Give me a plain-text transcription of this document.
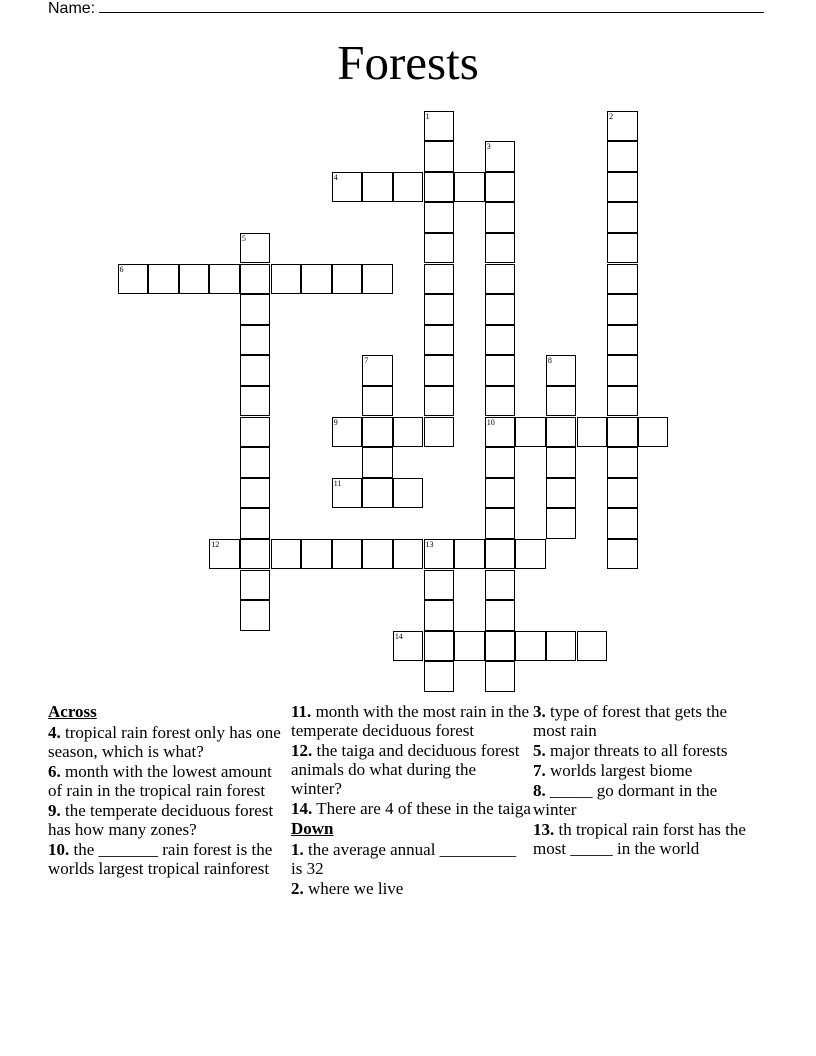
Name:
Forests
1	2
3
10
4
5
6
7	8
9
11
12	13
14
Across
4. tropical rain forest only has one season, which is what?
6. month with the lowest amount of rain in the tropical rain forest
9. the temperate deciduous forest has how many zones?
10. the _______ rain forest is the worlds largest tropical rainforest
11. month with the most rain in the temperate deciduous forest
12. the taiga and deciduous forest animals do what during the winter?
14. There are 4 of these in the taiga
Down
1. the average annual _________ is 32
2. where we live
3. type of forest that gets the most rain
5. major threats to all forests
7. worlds largest biome
8. _____ go dormant in the winter
13. th tropical rain forst has the most _____ in the world
